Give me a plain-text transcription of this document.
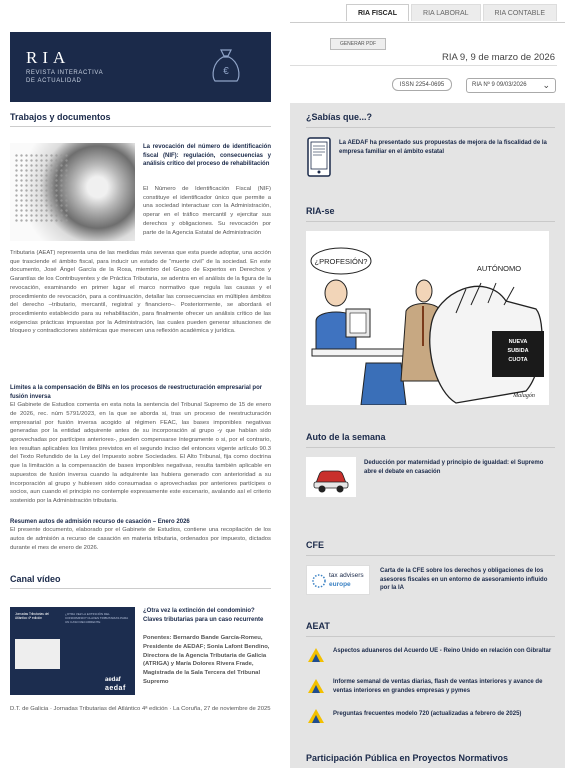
RIA FISCAL	RIA LABORAL	RIA CONTABLE
RIA
REVISTA INTERACTIVA
DE ACTUALIDAD
€
GENERAR PDF
RIA 9, 9 de marzo de 2026
ISSN 2254-0695	RIA Nº 9 09/03/2026 ⌄
Trabajos y documentos
La revocación del número de identificación fiscal (NIF): regulación, consecuencias y análisis crítico del proceso de rehabilitación
El Número de Identificación Fiscal (NIF) constituye el identificador único que permite a una sociedad interactuar con la Administración, operar en el tráfico mercantil y ejercitar sus derechos y obligaciones. Su revocación por parte de la Agencia Estatal de Administración
Tributaria (AEAT) representa una de las medidas más severas que esta puede adoptar, una acción que trasciende el ámbito fiscal, para inducir un estado de “muerte civil” de la sociedad. En este documento, José Ángel García de la Rosa, miembro del Grupo de Expertos en Derechos y Garantías de los Contribuyentes y de Práctica Tributaria, se adentra en el análisis de la figura de la revocación, examinando en primer lugar el marco normativo que regula las causas y el procedimiento de revocación, para a continuación, detallar las consecuencias en múltiples ámbitos del derecho –tributario, mercantil, registral y financiero–. Posteriormente, se abordará el procedimiento establecido para su rehabilitación, para finalmente ofrecer un análisis crítico de las exigencias prácticas impuestas por la Administración, las cuales pueden generar situaciones de bloqueo y contradicciones sistémicas que merecen una reflexión académica y jurídica.
Límites a la compensación de BINs en los procesos de reestructuración empresarial por fusión inversa
El Gabinete de Estudios comenta en esta nota la sentencia del Tribunal Supremo de 15 de enero de 2026, rec. núm 5791/2023, en la que se aborda si, tras un proceso de reestructuración empresarial por fusión inversa acogido al régimen FEAC, las bases imponibles negativas generadas por la entidad adquirente antes de su incorporación al grupo -y que habían sido aprovechadas por partícipes anteriores-, pueden compensarse íntegramente o si, por el contrario, les resultan aplicables los límites previstos en el segundo inciso del entonces vigente artículo 90.3 del Texto Refundido de la Ley del Impuesto sobre Sociedades. El Alto Tribunal, fija como doctrina que la limitación a la compensación de bases imponibles negativas, resulta también aplicable en supuestos de fusión inversa cuando la adquirente las hubiera generado con anterioridad a su incorporación al grupo y hubiesen sido consumadas o aprovechadas por anteriores partícipes o socios, aun cuando el principio no contemple expresamente este escenario, avalando así el criterio sostenido por la Administración tributaria.
Resumen autos de admisión recurso de casación – Enero 2026
El presente documento, elaborado por el Gabinete de Estudios, contiene una recopilación de los autos de admisión a recurso de casación en materia tributaria, ordenados por impuesto, dictados durante el mes de enero de 2026.
Canal vídeo
Jornadas Tributarias del Atlántico 4ª edición
¿OTRA VEZ LA EXTINCIÓN DEL CONDOMINIO? CLAVES TRIBUTARIAS PARA UN CASO RECURRENTE
aedaf
aedaf
¿Otra vez la extinción del condominio? Claves tributarias para un caso recurrente
Ponentes: Bernardo Bande García-Romeu, Presidente de AEDAF; Sonia Lafont Bendino, Directora de la Agencia Tributaria de Galicia (ATRIGA) y María Dolores Rivera Frade, Magistrada de la Sala Tercera del Tribunal Supremo
D.T. de Galicia · Jornadas Tributarias del Atlántico 4ª edición · La Coruña, 27 de noviembre de 2025
¿Sabías que...?
La AEDAF ha presentado sus propuestas de mejora de la fiscalidad de la empresa familiar en el ámbito estatal
RIA-se
¿PROFESIÓN?
AUTÓNOMO
NUEVA
SUBIDA
CUOTA
Malagón
Auto de la semana
Deducción por maternidad y principio de igualdad: el Supremo abre el debate en casación
CFE
tax advisers
europe
Carta de la CFE sobre los derechos y obligaciones de los asesores fiscales en un entorno de asesoramiento influido por la IA
AEAT
Aspectos aduaneros del Acuerdo UE - Reino Unido en relación con Gibraltar
Informe semanal de ventas diarias, flash de ventas interiores y avance de ventas interiores en grandes empresas y pymes
Preguntas frecuentes modelo 720 (actualizadas a febrero de 2025)
Participación Pública en Proyectos Normativos
